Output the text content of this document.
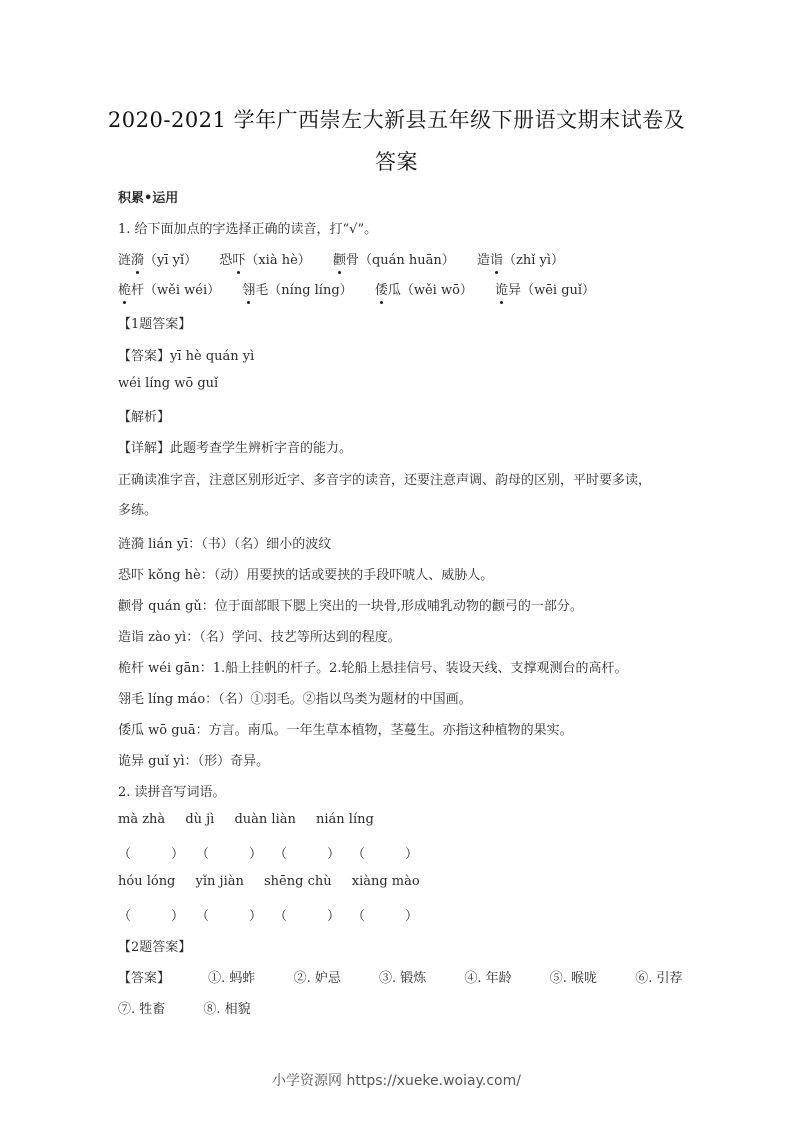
2020-2021 学年广西崇左大新县五年级下册语文期末试卷及
答案
积累•运用
1. 给下面加点的字选择正确的读音，打“√”。
涟漪（yī yǐ） 恐吓（xià hè） 颧骨（quán huān） 造诣（zhǐ yì）
桅杆（wěi wéi） 翎毛（níng líng） 倭瓜（wěi wō） 诡异（wēi guǐ）
【1题答案】
【答案】yī hè quán yì
wéi líng wō guǐ
【解析】
【详解】此题考查学生辨析字音的能力。
正确读准字音，注意区别形近字、多音字的读音，还要注意声调、韵母的区别，平时要多读，
多练。
涟漪 lián yī：（书）（名）细小的波纹
恐吓 kǒng hè：（动）用要挟的话或要挟的手段吓唬人、威胁人。
颧骨 quán gǔ：位于面部眼下腮上突出的一块骨,形成哺乳动物的颧弓的一部分。
造诣 zào yì：（名）学问、技艺等所达到的程度。
桅杆 wéi gān：1.船上挂帆的杆子。2.轮船上悬挂信号、装设天线、支撑观测台的高杆。
翎毛 líng máo：（名）①羽毛。②指以鸟类为题材的中国画。
倭瓜 wō guā：方言。南瓜。一年生草本植物，茎蔓生。亦指这种植物的果实。
诡异 guǐ yì：（形）奇异。
2. 读拼音写词语。
mà zhà dù jì duàn liàn nián líng
（	） （	） （	） （	）
hóu lóng yǐn jiàn shēng chù xiàng mào
（	） （	） （	） （	）
【2题答案】
【答案】	①. 蚂蚱	②. 妒忌	③. 锻炼	④. 年龄	⑤. 喉咙	⑥. 引荐
⑦. 牲畜	⑧. 相貌
小学资源网 https://xueke.woiay.com/
